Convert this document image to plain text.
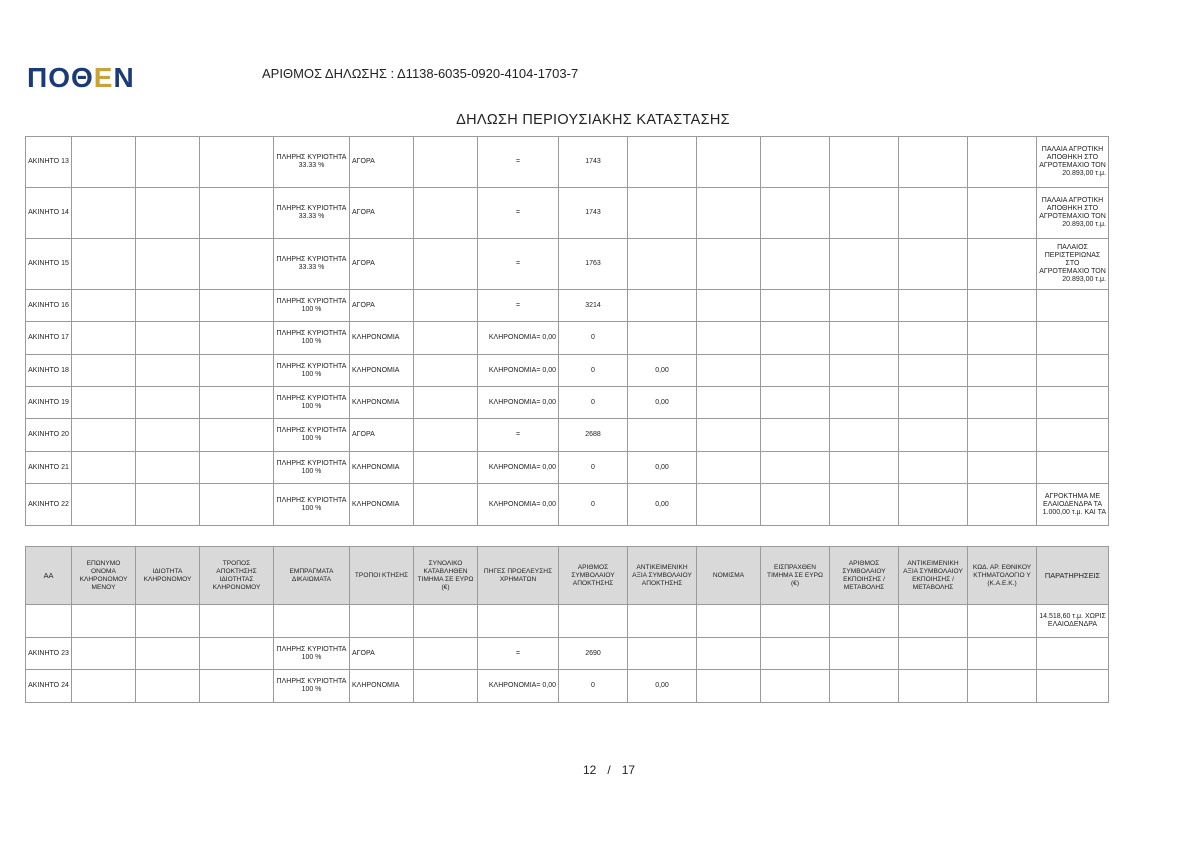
ΠΟΘΕΝ	ΑΡΙΘΜΟΣ ΔΗΛΩΣΗΣ : Δ1138-6035-0920-4104-1703-7
ΔΗΛΩΣΗ ΠΕΡΙΟΥΣΙΑΚΗΣ ΚΑΤΑΣΤΑΣΗΣ
ΑΚΙΝΗΤΟ 13				ΠΛΗΡΗΣ ΚΥΡΙΟΤΗΤΑ 33.33 %	ΑΓΟΡΑ		=	1743							ΠΑΛΑΙΑ ΑΓΡΟΤΙΚΗ
ΑΠΟΘΗΚΗ ΣΤΟ
ΑΓΡΟΤΕΜΑΧΙΟ ΤΟΝ
20.893,00 τ.μ.

ΑΚΙΝΗΤΟ 14				ΠΛΗΡΗΣ ΚΥΡΙΟΤΗΤΑ 33.33 %	ΑΓΟΡΑ		=	1743							ΠΑΛΑΙΑ ΑΓΡΟΤΙΚΗ
ΑΠΟΘΗΚΗ ΣΤΟ
ΑΓΡΟΤΕΜΑΧΙΟ ΤΟΝ
20.893,00 τ.μ.

ΑΚΙΝΗΤΟ 15				ΠΛΗΡΗΣ ΚΥΡΙΟΤΗΤΑ 33.33 %	ΑΓΟΡΑ		=	1763							ΠΑΛΑΙΟΣ
ΠΕΡΙΣΤΕΡΙΩΝΑΣ ΣΤΟ
ΑΓΡΟΤΕΜΑΧΙΟ ΤΟΝ
20.893,00 τ.μ.

ΑΚΙΝΗΤΟ 16				ΠΛΗΡΗΣ ΚΥΡΙΟΤΗΤΑ 100 %	ΑΓΟΡΑ		=	3214							
ΑΚΙΝΗΤΟ 17				ΠΛΗΡΗΣ ΚΥΡΙΟΤΗΤΑ 100 %	ΚΛΗΡΟΝΟΜΙΑ		ΚΛΗΡΟΝΟΜΙΑ= 0,00	0							
ΑΚΙΝΗΤΟ 18				ΠΛΗΡΗΣ ΚΥΡΙΟΤΗΤΑ 100 %	ΚΛΗΡΟΝΟΜΙΑ		ΚΛΗΡΟΝΟΜΙΑ= 0,00	0	0,00						
ΑΚΙΝΗΤΟ 19				ΠΛΗΡΗΣ ΚΥΡΙΟΤΗΤΑ 100 %	ΚΛΗΡΟΝΟΜΙΑ		ΚΛΗΡΟΝΟΜΙΑ= 0,00	0	0,00						
ΑΚΙΝΗΤΟ 20				ΠΛΗΡΗΣ ΚΥΡΙΟΤΗΤΑ 100 %	ΑΓΟΡΑ		=	2688							
ΑΚΙΝΗΤΟ 21				ΠΛΗΡΗΣ ΚΥΡΙΟΤΗΤΑ 100 %	ΚΛΗΡΟΝΟΜΙΑ		ΚΛΗΡΟΝΟΜΙΑ= 0,00	0	0,00						
ΑΚΙΝΗΤΟ 22				ΠΛΗΡΗΣ ΚΥΡΙΟΤΗΤΑ 100 %	ΚΛΗΡΟΝΟΜΙΑ		ΚΛΗΡΟΝΟΜΙΑ= 0,00	0	0,00						ΑΓΡΟΚΤΗΜΑ ΜΕ
ΕΛΑΙΟΔΕΝΔΡΑ ΤΑ
1.000,00 τ.μ. ΚΑΙ ΤΑ
ΑΑ	ΕΠΩΝΥΜΟ ΟΝΟΜΑ ΚΛΗΡΟΝΟΜΟΥ ΜΕΝΟΥ	ΙΔΙΟΤΗΤΑ ΚΛΗΡΟΝΟΜΟΥ	ΤΡΟΠΟΣ ΑΠΟΚΤΗΣΗΣ ΙΔΙΟΤΗΤΑΣ ΚΛΗΡΟΝΟΜΟΥ	ΕΜΠΡΑΓΜΑΤΑ ΔΙΚΑΙΩΜΑΤΑ	ΤΡΟΠΟΙ ΚΤΗΣΗΣ	ΣΥΝΟΛΙΚΟ ΚΑΤΑΒΛΗΘΕΝ ΤΙΜΗΜΑ ΣΕ ΕΥΡΩ (€)	ΠΗΓΕΣ ΠΡΟΕΛΕΥΣΗΣ ΧΡΗΜΑΤΩΝ	ΑΡΙΘΜΟΣ ΣΥΜΒΟΛΑΙΟΥ ΑΠΟΚΤΗΣΗΣ	ΑΝΤΙΚΕΙΜΕΝΙΚΗ ΑΞΙΑ ΣΥΜΒΟΛΑΙΟΥ ΑΠΟΚΤΗΣΗΣ	ΝΟΜΙΣΜΑ	ΕΙΣΠΡΑΧΘΕΝ ΤΙΜΗΜΑ ΣΕ ΕΥΡΩ (€)	ΑΡΙΘΜΟΣ ΣΥΜΒΟΛΑΙΟΥ ΕΚΠΟΙΗΣΗΣ /ΜΕΤΑΒΟΛΗΣ	ΑΝΤΙΚΕΙΜΕΝΙΚΗ ΑΞΙΑ ΣΥΜΒΟΛΑΙΟΥ ΕΚΠΟΙΗΣΗΣ / ΜΕΤΑΒΟΛΗΣ	ΚΩΔ. ΑΡ. ΕΘΝΙΚΟΥ ΚΤΗΜΑΤΟΛΟΓΙΟ Υ (Κ.Α.Ε.Κ.)	ΠΑΡΑΤΗΡΗΣΕΙΣ

															14.518,60 τ.μ. ΧΩΡΙΣ
ΕΛΑΙΟΔΕΝΔΡΑ

ΑΚΙΝΗΤΟ 23				ΠΛΗΡΗΣ ΚΥΡΙΟΤΗΤΑ 100 %	ΑΓΟΡΑ		=	2690							
ΑΚΙΝΗΤΟ 24				ΠΛΗΡΗΣ ΚΥΡΙΟΤΗΤΑ 100 %	ΚΛΗΡΟΝΟΜΙΑ		ΚΛΗΡΟΝΟΜΙΑ= 0,00	0	0,00						
12 / 17
